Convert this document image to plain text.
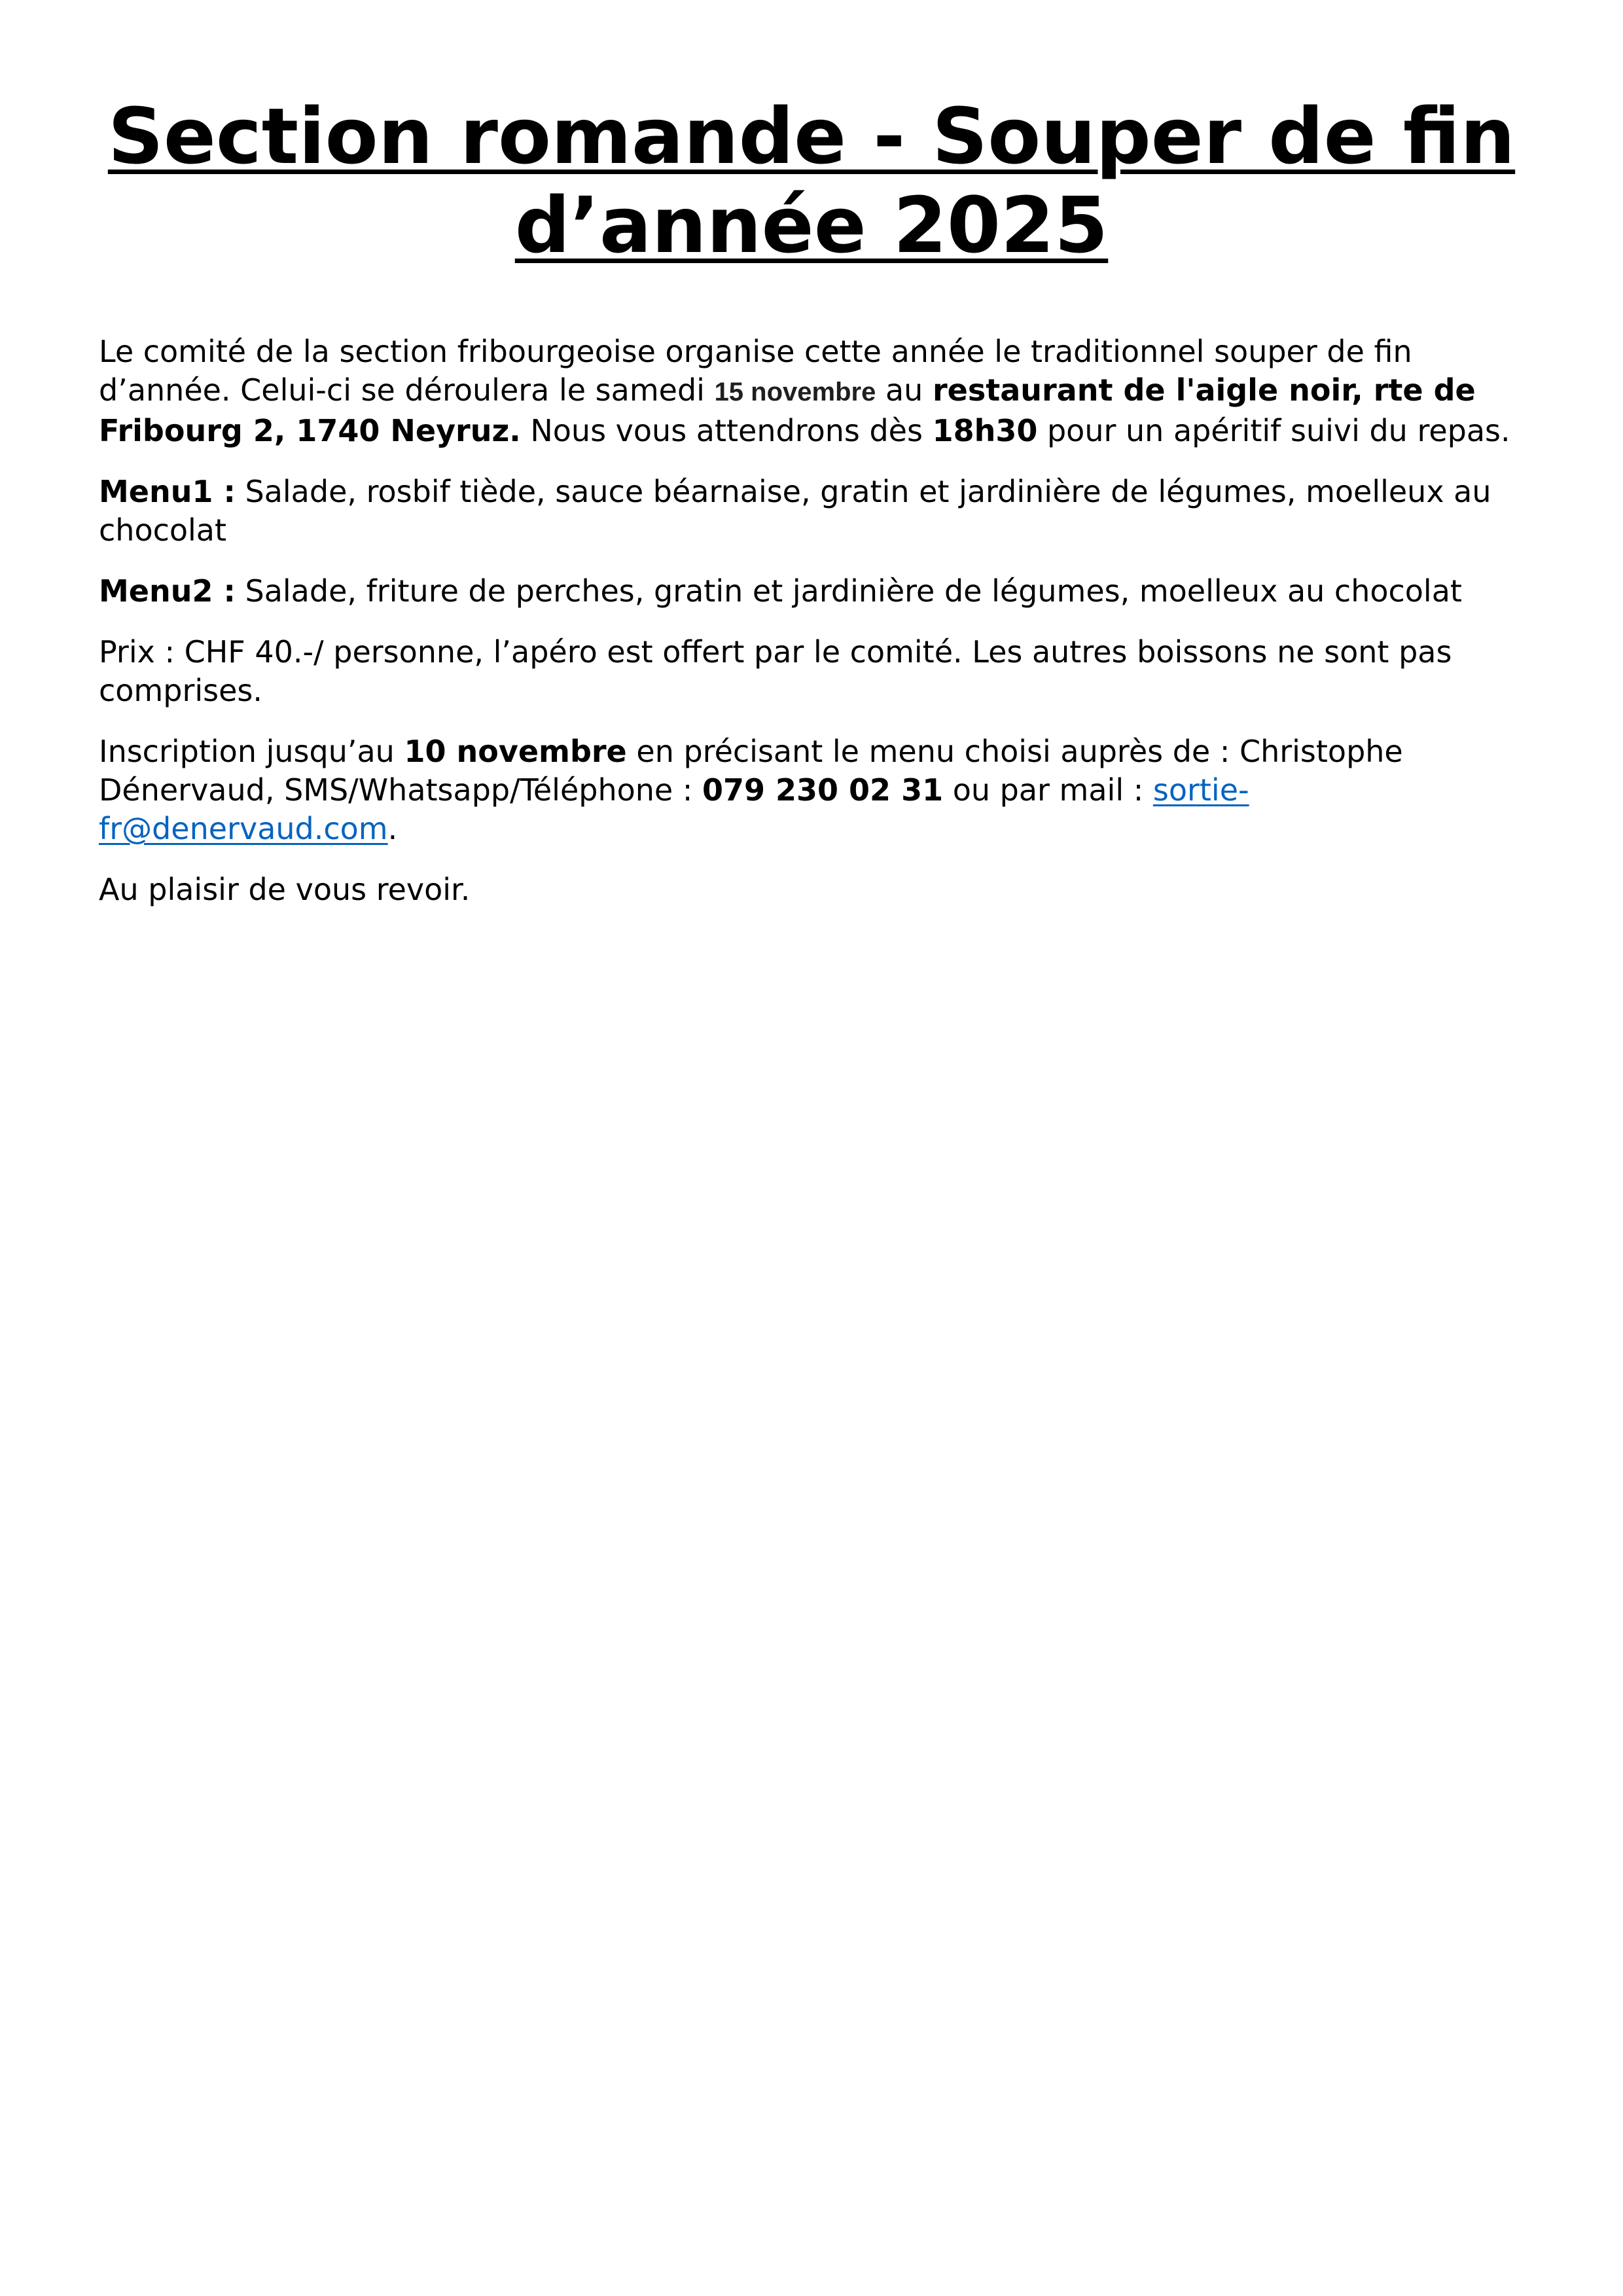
Section romande - Souper de fin
d’année 2025

Le comité de la section fribourgeoise organise cette année le traditionnel souper de fin d’année. Celui-ci se déroulera le samedi 15 novembre au restaurant de l'aigle noir, rte de Fribourg 2, 1740 Neyruz. Nous vous attendrons dès 18h30 pour un apéritif suivi du repas.

Menu1 : Salade, rosbif tiède, sauce béarnaise, gratin et jardinière de légumes, moelleux au chocolat

Menu2 : Salade, friture de perches, gratin et jardinière de légumes, moelleux au chocolat

Prix : CHF 40.-/ personne, l’apéro est offert par le comité. Les autres boissons ne sont pas comprises.

Inscription jusqu’au 10 novembre en précisant le menu choisi auprès de : Christophe Dénervaud, SMS/Whatsapp/Téléphone : 079 230 02 31 ou par mail : sortie-
fr@denervaud.com.

Au plaisir de vous revoir.
